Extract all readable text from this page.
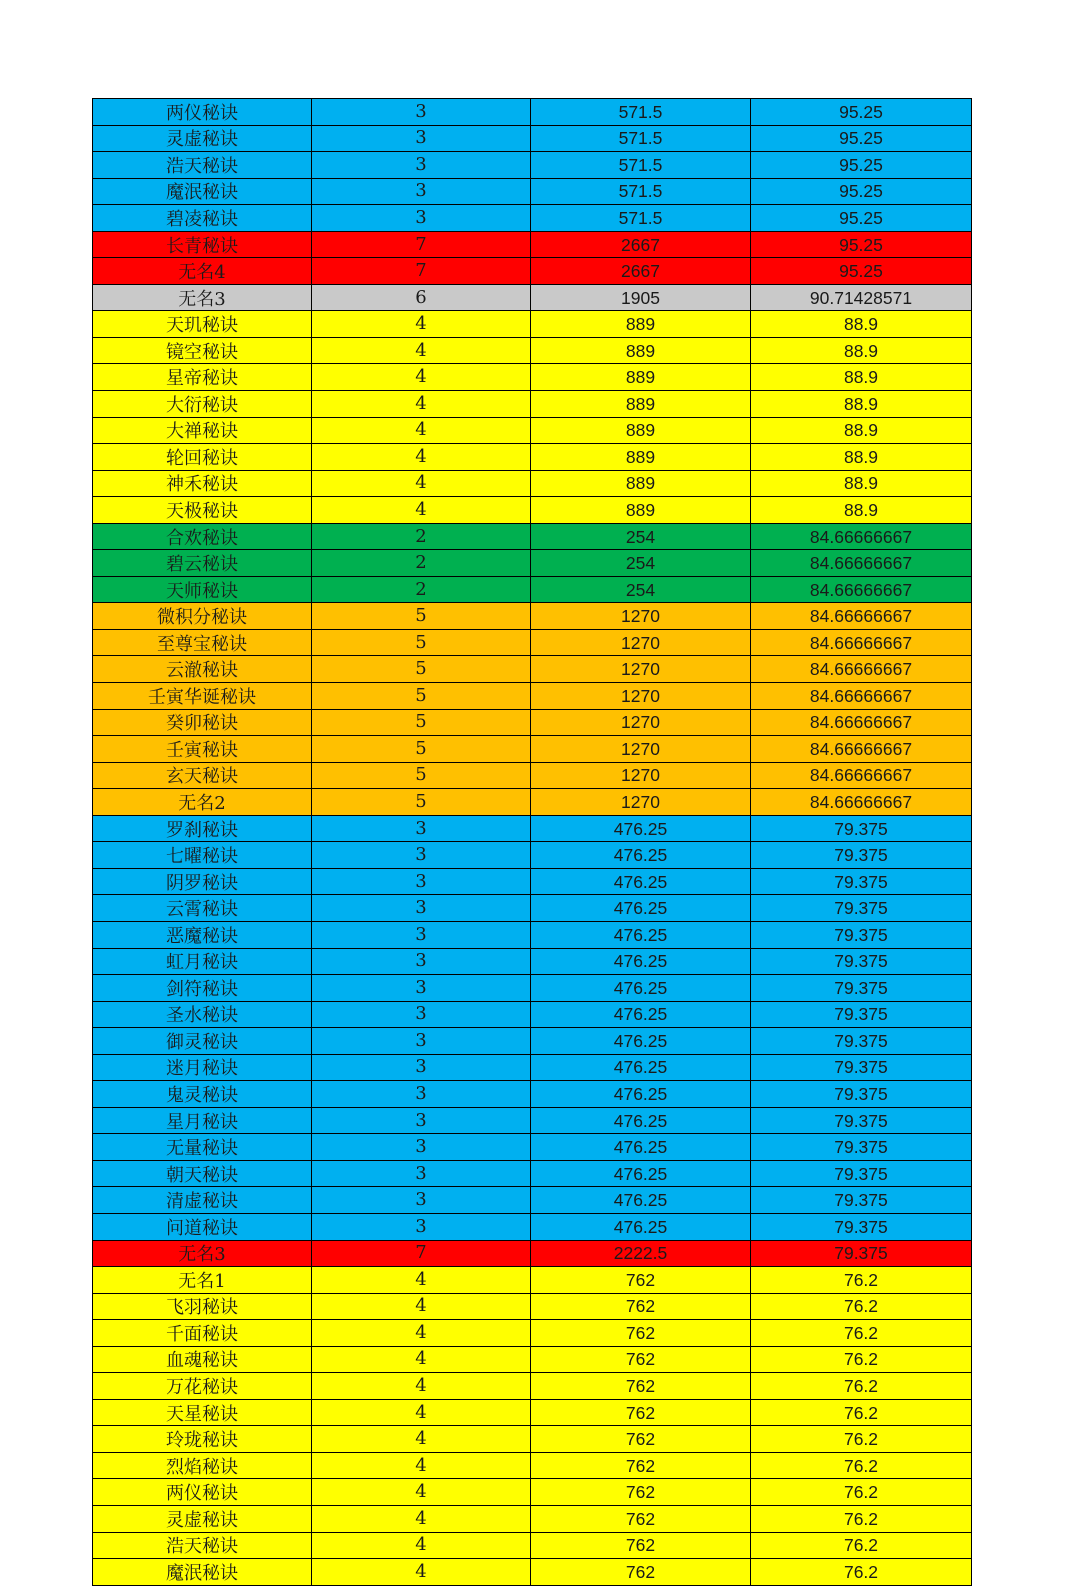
两仪秘诀	3	571.5	95.25
灵虚秘诀	3	571.5	95.25
浩天秘诀	3	571.5	95.25
魔泯秘诀	3	571.5	95.25
碧凌秘诀	3	571.5	95.25
长青秘诀	7	2667	95.25
无名4	7	2667	95.25
无名3	6	1905	90.71428571
天玑秘诀	4	889	88.9
镜空秘诀	4	889	88.9
星帝秘诀	4	889	88.9
大衍秘诀	4	889	88.9
大禅秘诀	4	889	88.9
轮回秘诀	4	889	88.9
神禾秘诀	4	889	88.9
天极秘诀	4	889	88.9
合欢秘诀	2	254	84.66666667
碧云秘诀	2	254	84.66666667
天师秘诀	2	254	84.66666667
微积分秘诀	5	1270	84.66666667
至尊宝秘诀	5	1270	84.66666667
云澈秘诀	5	1270	84.66666667
壬寅华诞秘诀	5	1270	84.66666667
癸卯秘诀	5	1270	84.66666667
壬寅秘诀	5	1270	84.66666667
玄天秘诀	5	1270	84.66666667
无名2	5	1270	84.66666667
罗刹秘诀	3	476.25	79.375
七曜秘诀	3	476.25	79.375
阴罗秘诀	3	476.25	79.375
云霄秘诀	3	476.25	79.375
恶魔秘诀	3	476.25	79.375
虹月秘诀	3	476.25	79.375
剑符秘诀	3	476.25	79.375
圣水秘诀	3	476.25	79.375
御灵秘诀	3	476.25	79.375
迷月秘诀	3	476.25	79.375
鬼灵秘诀	3	476.25	79.375
星月秘诀	3	476.25	79.375
无量秘诀	3	476.25	79.375
朝天秘诀	3	476.25	79.375
清虚秘诀	3	476.25	79.375
问道秘诀	3	476.25	79.375
无名3	7	2222.5	79.375
无名1	4	762	76.2
飞羽秘诀	4	762	76.2
千面秘诀	4	762	76.2
血魂秘诀	4	762	76.2
万花秘诀	4	762	76.2
天星秘诀	4	762	76.2
玲珑秘诀	4	762	76.2
烈焰秘诀	4	762	76.2
两仪秘诀	4	762	76.2
灵虚秘诀	4	762	76.2
浩天秘诀	4	762	76.2
魔泯秘诀	4	762	76.2
